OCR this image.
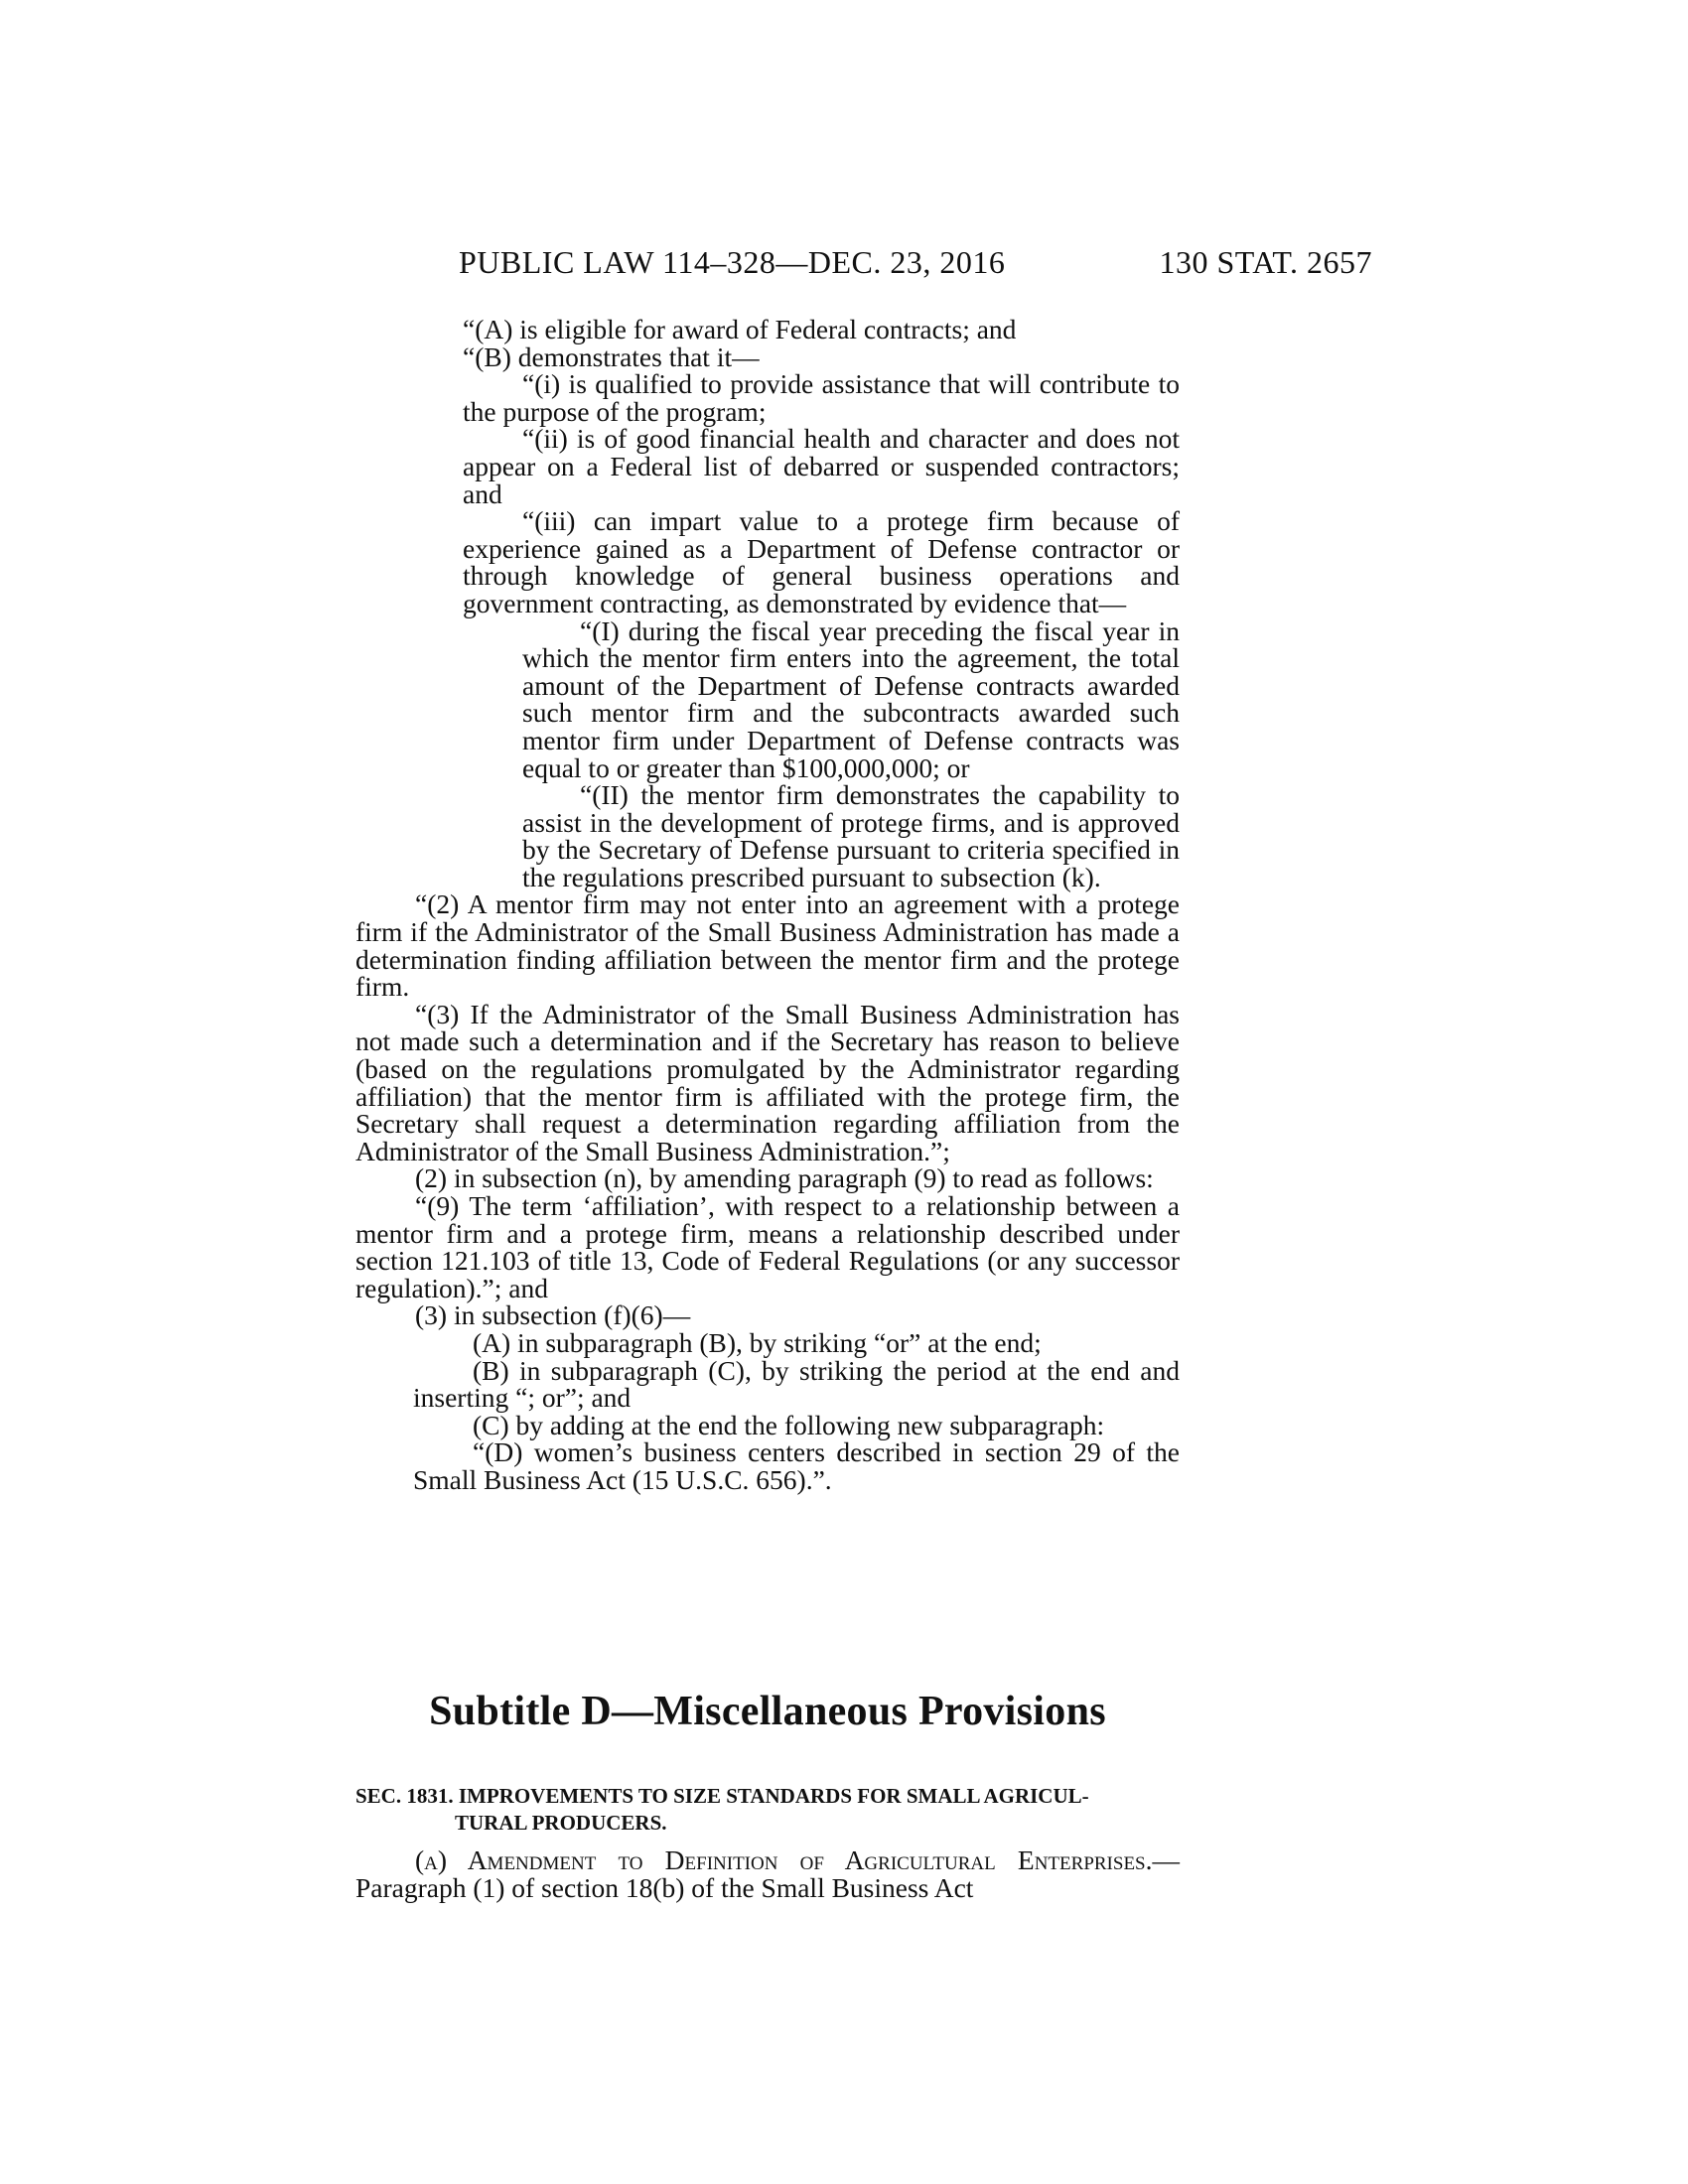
PUBLIC LAW 114–328—DEC. 23, 2016	130 STAT. 2657

“(A) is eligible for award of Federal contracts; and

“(B) demonstrates that it—

“(i) is qualified to provide assistance that will contribute to the purpose of the program;

“(ii) is of good financial health and character and does not appear on a Federal list of debarred or suspended contractors; and

“(iii) can impart value to a protege firm because of experience gained as a Department of Defense contractor or through knowledge of general business operations and government contracting, as demonstrated by evidence that—

“(I) during the fiscal year preceding the fiscal year in which the mentor firm enters into the agreement, the total amount of the Department of Defense contracts awarded such mentor firm and the subcontracts awarded such mentor firm under Department of Defense contracts was equal to or greater than $100,000,000; or

“(II) the mentor firm demonstrates the capability to assist in the development of protege firms, and is approved by the Secretary of Defense pursuant to criteria specified in the regulations prescribed pursuant to subsection (k).

“(2) A mentor firm may not enter into an agreement with a protege firm if the Administrator of the Small Business Administration has made a determination finding affiliation between the mentor firm and the protege firm.

“(3) If the Administrator of the Small Business Administration has not made such a determination and if the Secretary has reason to believe (based on the regulations promulgated by the Administrator regarding affiliation) that the mentor firm is affiliated with the protege firm, the Secretary shall request a determination regarding affiliation from the Administrator of the Small Business Administration.”;

(2) in subsection (n), by amending paragraph (9) to read as follows:

“(9) The term ‘affiliation’, with respect to a relationship between a mentor firm and a protege firm, means a relationship described under section 121.103 of title 13, Code of Federal Regulations (or any successor regulation).”; and

(3) in subsection (f)(6)—

(A) in subparagraph (B), by striking “or” at the end;

(B) in subparagraph (C), by striking the period at the end and inserting “; or”; and

(C) by adding at the end the following new subparagraph:

“(D) women’s business centers described in section 29 of the Small Business Act (15 U.S.C. 656).”.

Subtitle D—Miscellaneous Provisions
SEC. 1831. IMPROVEMENTS TO SIZE STANDARDS FOR SMALL AGRICUL-
TURAL PRODUCERS.
(a) Amendment to Definition of Agricultural Enterprises.—Paragraph (1) of section 18(b) of the Small Business Act
